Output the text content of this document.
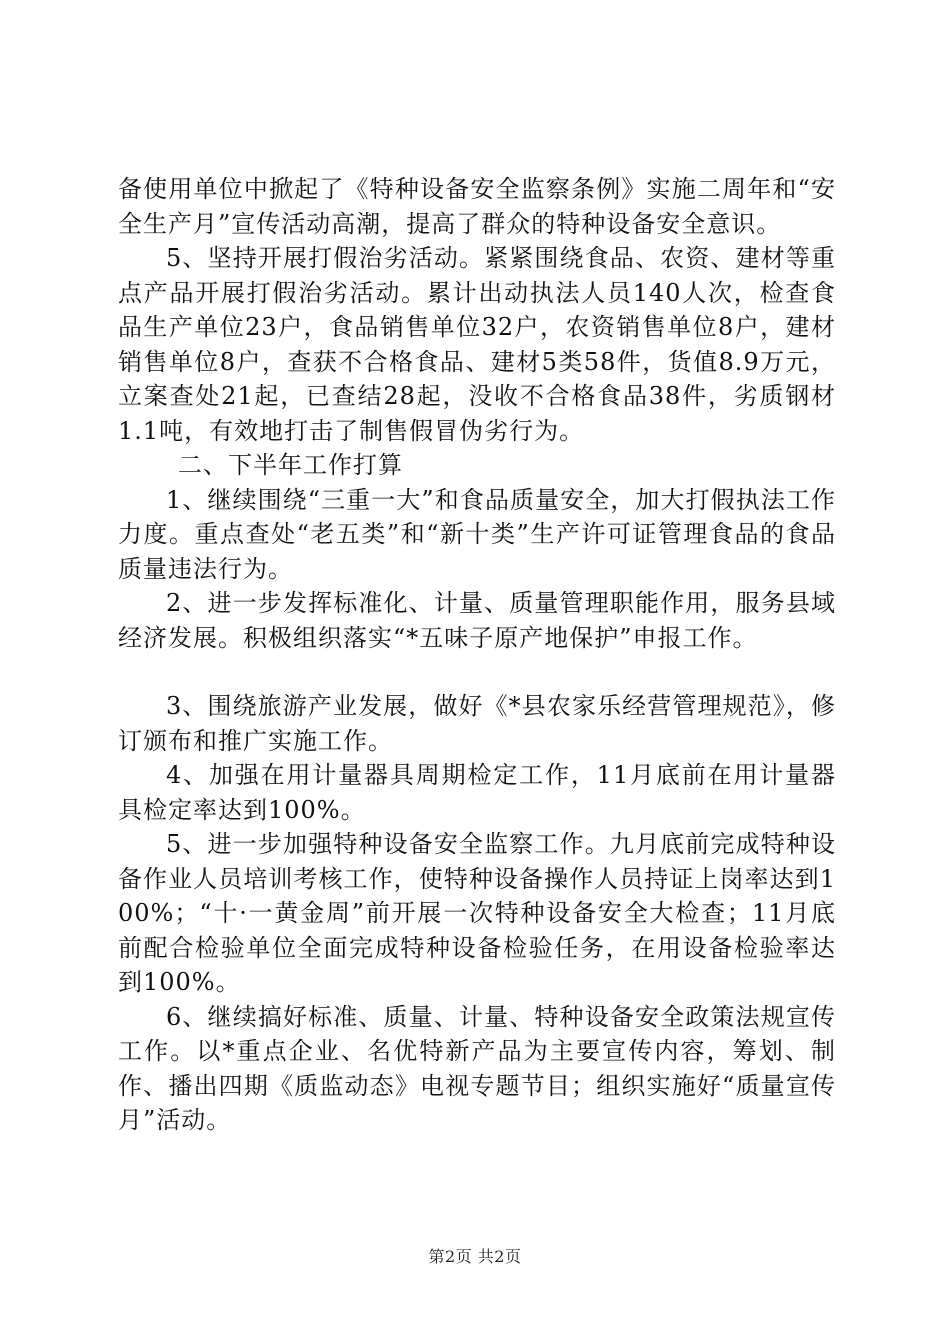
备使用单位中掀起了《特种设备安全监察条例》实施二周年和“安全生产月”宣传活动高潮，提高了群众的特种设备安全意识。

5、坚持开展打假治劣活动。紧紧围绕食品、农资、建材等重点产品开展打假治劣活动。累计出动执法人员140人次，检查食品生产单位23户，食品销售单位32户，农资销售单位8户，建材销售单位8户，查获不合格食品、建材5类58件，货值8.9万元，立案查处21起，已查结28起，没收不合格食品38件，劣质钢材1.1吨，有效地打击了制售假冒伪劣行为。

二、下半年工作打算

1、继续围绕“三重一大”和食品质量安全，加大打假执法工作力度。重点查处“老五类”和“新十类”生产许可证管理食品的食品质量违法行为。

2、进一步发挥标准化、计量、质量管理职能作用，服务县域经济发展。积极组织落实“*五味子原产地保护”申报工作。

3、围绕旅游产业发展，做好《*县农家乐经营管理规范》，修订颁布和推广实施工作。

4、加强在用计量器具周期检定工作，11月底前在用计量器具检定率达到100%。

5、进一步加强特种设备安全监察工作。九月底前完成特种设备作业人员培训考核工作，使特种设备操作人员持证上岗率达到100%；“十·一黄金周”前开展一次特种设备安全大检查；11月底前配合检验单位全面完成特种设备检验任务，在用设备检验率达到100%。

6、继续搞好标准、质量、计量、特种设备安全政策法规宣传工作。以*重点企业、名优特新产品为主要宣传内容，筹划、制作、播出四期《质监动态》电视专题节目；组织实施好“质量宣传月”活动。

第2页 共2页
